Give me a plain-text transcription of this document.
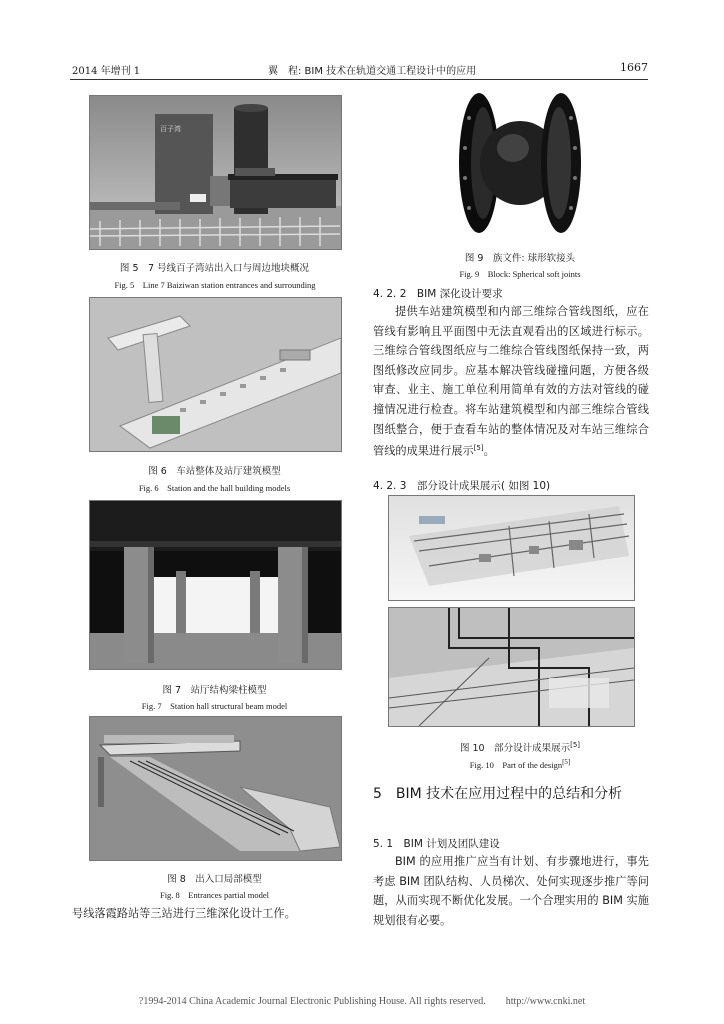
2014 年增刊 1	翼　程: BIM 技术在轨道交通工程设计中的应用	1667
百子湾
图 5　7 号线百子湾站出入口与周边地块概况
Fig. 5　Line 7 Baiziwan station entrances and surrounding
图 6　车站整体及站厅建筑模型
Fig. 6　Station and the hall building models
图 7　站厅结构梁柱模型
Fig. 7　Station hall structural beam model
图 8　出入口局部模型
Fig. 8　Entrances partial model
号线落霞路站等三站进行三维深化设计工作。
图 9　族文件: 球形软接头
Fig. 9　Block: Spherical soft joints
4. 2. 2　BIM 深化设计要求
提供车站建筑模型和内部三维综合管线图纸，应在管线有影响且平面图中无法直观看出的区域进行标示。三维综合管线图纸应与二维综合管线图纸保持一致，两图纸修改应同步。应基本解决管线碰撞问题，方便各级审查、业主、施工单位利用简单有效的方法对管线的碰撞情况进行检查。将车站建筑模型和内部三维综合管线图纸整合，便于查看车站的整体情况及对车站三维综合管线的成果进行展示[5]。
4. 2. 3　部分设计成果展示( 如图 10)
图 10　部分设计成果展示[5]
Fig. 10　Part of the design[5]
5　BIM 技术在应用过程中的总结和分析
5. 1　BIM 计划及团队建设
BIM 的应用推广应当有计划、有步骤地进行，事先考虑 BIM 团队结构、人员梯次、处何实现逐步推广等问题，从而实现不断优化发展。一个合理实用的 BIM 实施规划很有必要。
?1994-2014 China Academic Journal Electronic Publishing House. All rights reserved.　　http://www.cnki.net
